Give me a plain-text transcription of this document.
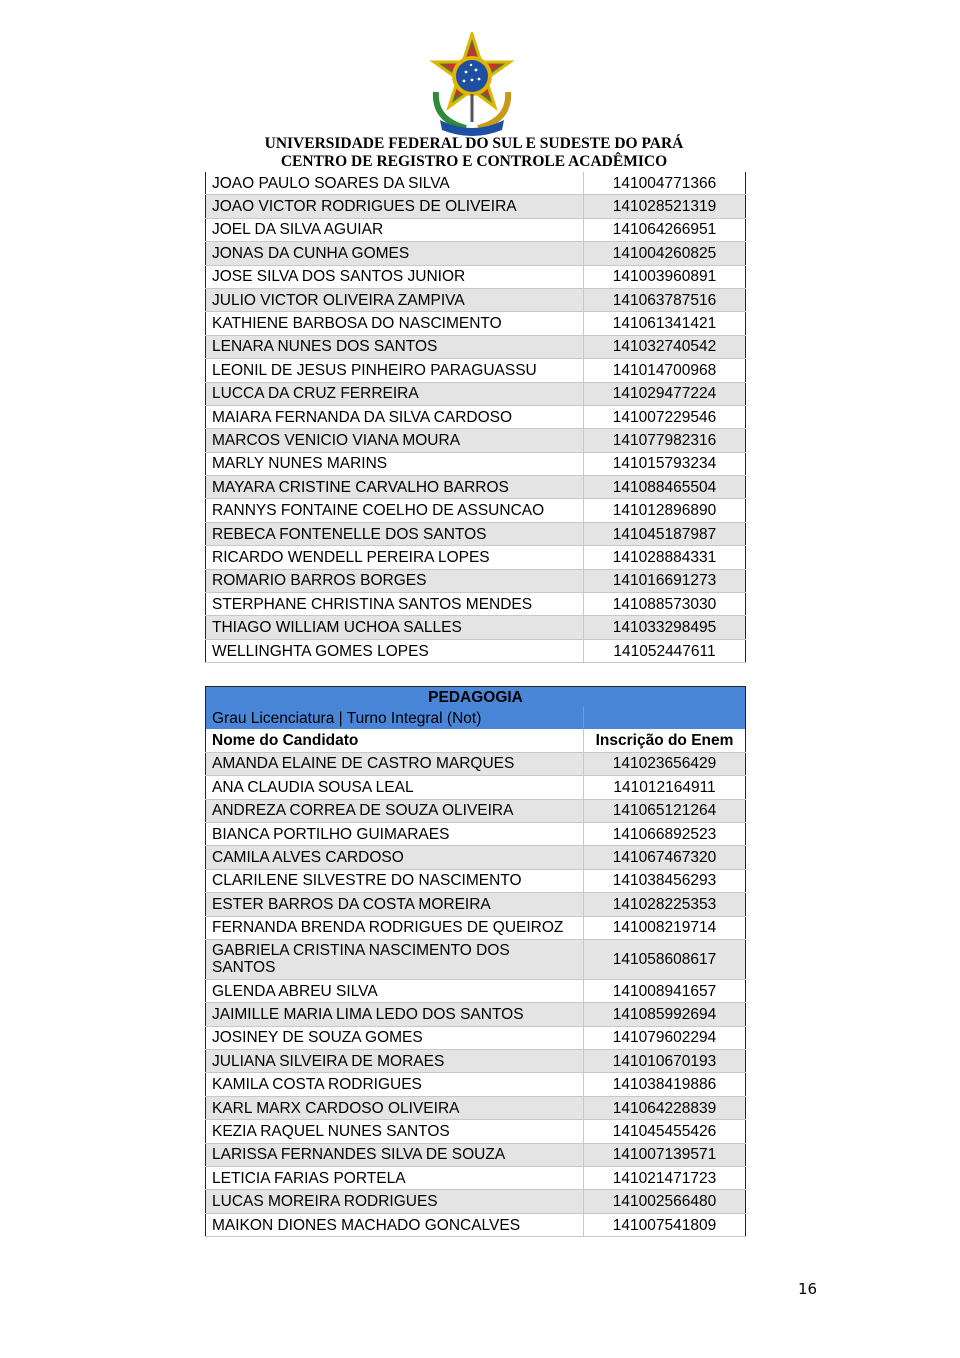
UNIVERSIDADE FEDERAL DO SUL E SUDESTE DO PARÁ
CENTRO DE REGISTRO E CONTROLE ACADÊMICO
JOAO PAULO SOARES DA SILVA	141004771366
JOAO VICTOR RODRIGUES DE OLIVEIRA	141028521319
JOEL DA SILVA AGUIAR	141064266951
JONAS DA CUNHA GOMES	141004260825
JOSE SILVA DOS SANTOS JUNIOR	141003960891
JULIO VICTOR OLIVEIRA ZAMPIVA	141063787516
KATHIENE BARBOSA DO NASCIMENTO	141061341421
LENARA NUNES DOS SANTOS	141032740542
LEONIL DE JESUS PINHEIRO PARAGUASSU	141014700968
LUCCA DA CRUZ FERREIRA	141029477224
MAIARA FERNANDA DA SILVA CARDOSO	141007229546
MARCOS VENICIO VIANA MOURA	141077982316
MARLY NUNES MARINS	141015793234
MAYARA CRISTINE CARVALHO BARROS	141088465504
RANNYS FONTAINE COELHO DE ASSUNCAO	141012896890
REBECA FONTENELLE DOS SANTOS	141045187987
RICARDO WENDELL PEREIRA LOPES	141028884331
ROMARIO BARROS BORGES	141016691273
STERPHANE CHRISTINA SANTOS MENDES	141088573030
THIAGO WILLIAM UCHOA SALLES	141033298495
WELLINGHTA GOMES LOPES	141052447611
PEDAGOGIA	
Grau Licenciatura | Turno Integral (Not)	
Nome do Candidato	Inscrição do Enem
AMANDA ELAINE DE CASTRO MARQUES	141023656429
ANA CLAUDIA SOUSA LEAL	141012164911
ANDREZA CORREA DE SOUZA OLIVEIRA	141065121264
BIANCA PORTILHO GUIMARAES	141066892523
CAMILA ALVES CARDOSO	141067467320
CLARILENE SILVESTRE DO NASCIMENTO	141038456293
ESTER BARROS DA COSTA MOREIRA	141028225353
FERNANDA BRENDA RODRIGUES DE QUEIROZ	141008219714
GABRIELA CRISTINA NASCIMENTO DOS SANTOS	141058608617
GLENDA ABREU SILVA	141008941657
JAIMILLE MARIA LIMA LEDO DOS SANTOS	141085992694
JOSINEY DE SOUZA GOMES	141079602294
JULIANA SILVEIRA DE MORAES	141010670193
KAMILA COSTA RODRIGUES	141038419886
KARL MARX CARDOSO OLIVEIRA	141064228839
KEZIA RAQUEL NUNES SANTOS	141045455426
LARISSA FERNANDES SILVA DE SOUZA	141007139571
LETICIA FARIAS PORTELA	141021471723
LUCAS MOREIRA RODRIGUES	141002566480
MAIKON DIONES MACHADO GONCALVES	141007541809
16
